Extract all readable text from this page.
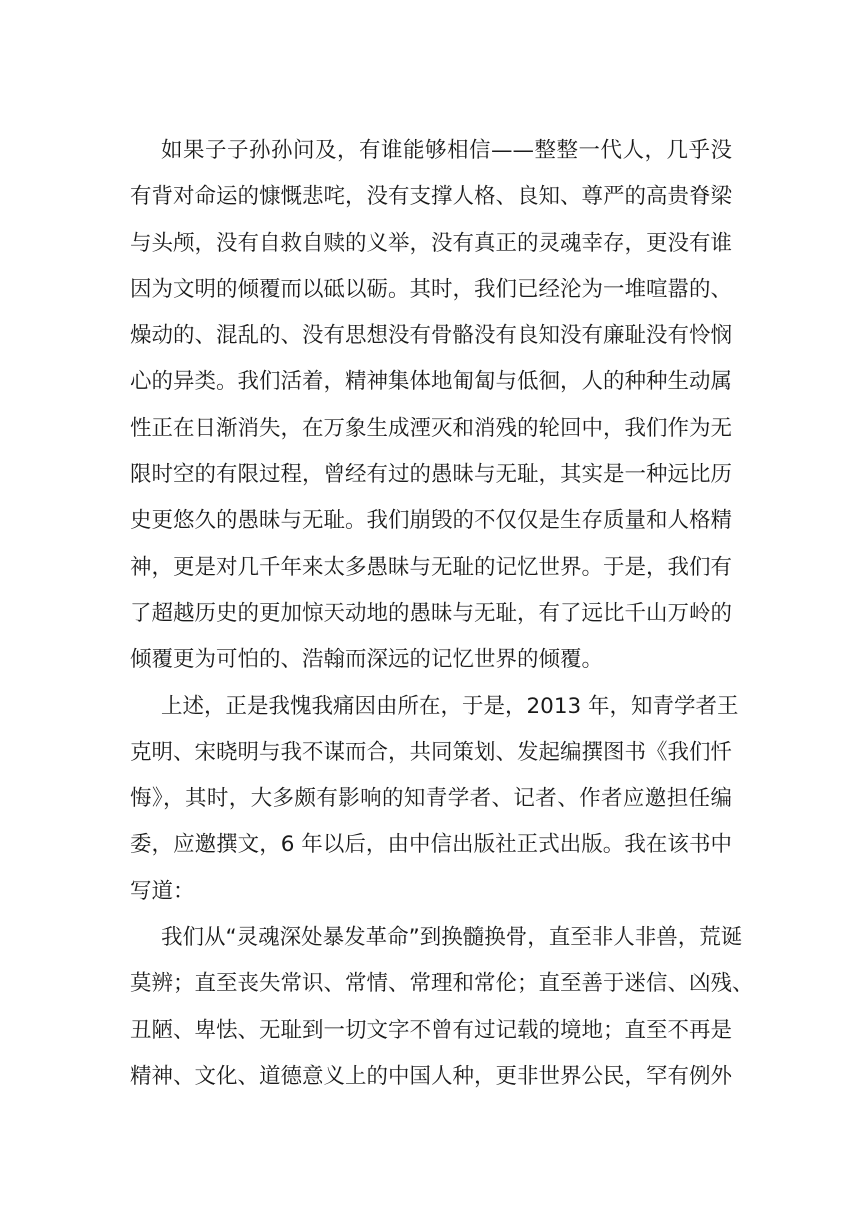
如果子子孙孙问及，有谁能够相信——整整一代人，几乎没
有背对命运的慷慨悲咤，没有支撑人格、良知、尊严的高贵脊梁
与头颅，没有自救自赎的义举，没有真正的灵魂幸存，更没有谁
因为文明的倾覆而以砥以砺。其时，我们已经沦为一堆喧嚣的、
燥动的、混乱的、没有思想没有骨骼没有良知没有廉耻没有怜悯
心的异类。我们活着，精神集体地匍匐与低徊，人的种种生动属
性正在日渐消失，在万象生成湮灭和消残的轮回中，我们作为无
限时空的有限过程，曾经有过的愚昧与无耻，其实是一种远比历
史更悠久的愚昧与无耻。我们崩毁的不仅仅是生存质量和人格精
神，更是对几千年来太多愚昧与无耻的记忆世界。于是，我们有
了超越历史的更加惊天动地的愚昧与无耻，有了远比千山万岭的
倾覆更为可怕的、浩翰而深远的记忆世界的倾覆。
上述，正是我愧我痛因由所在，于是，2013 年，知青学者王
克明、宋晓明与我不谋而合，共同策划、发起编撰图书《我们忏
悔》，其时，大多颇有影响的知青学者、记者、作者应邀担任编
委，应邀撰文，6 年以后，由中信出版社正式出版。我在该书中
写道：
我们从“灵魂深处暴发革命”到换髓换骨，直至非人非兽，荒诞
莫辨；直至丧失常识、常情、常理和常伦；直至善于迷信、凶残、
丑陋、卑怯、无耻到一切文字不曾有过记载的境地；直至不再是
精神、文化、道德意义上的中国人种，更非世界公民，罕有例外
